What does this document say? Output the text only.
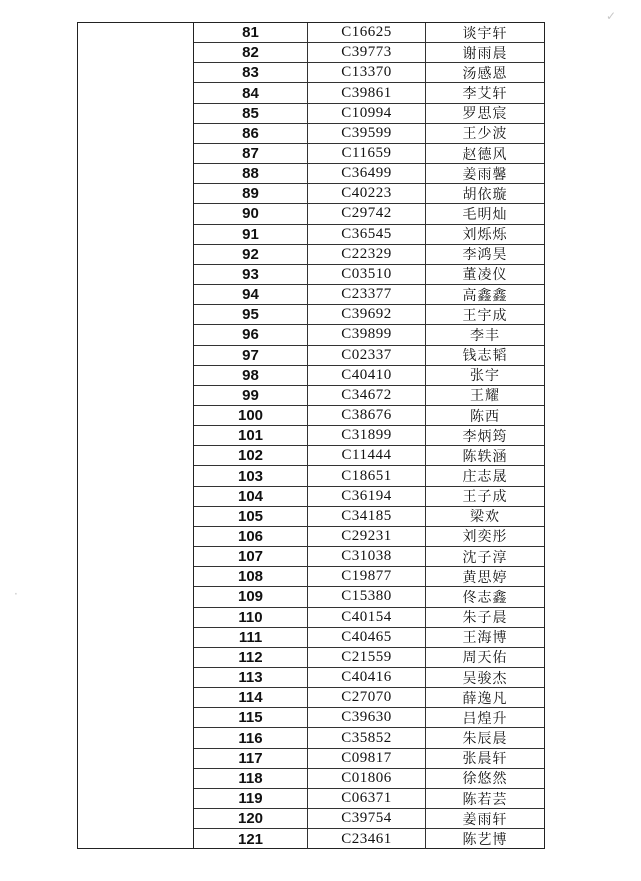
✓
·
81	C16625	谈宇轩
82	C39773	谢雨晨
83	C13370	汤感恩
84	C39861	李艾轩
85	C10994	罗思宸
86	C39599	王少波
87	C11659	赵德风
88	C36499	姜雨馨
89	C40223	胡依璇
90	C29742	毛明灿
91	C36545	刘烁烁
92	C22329	李鸿昊
93	C03510	董凌仪
94	C23377	高鑫鑫
95	C39692	王宇成
96	C39899	李丰
97	C02337	钱志韬
98	C40410	张宇
99	C34672	王耀
100	C38676	陈西
101	C31899	李炳筠
102	C11444	陈轶涵
103	C18651	庄志晟
104	C36194	王子成
105	C34185	梁欢
106	C29231	刘奕彤
107	C31038	沈子淳
108	C19877	黄思婷
109	C15380	佟志鑫
110	C40154	朱子晨
111	C40465	王海博
112	C21559	周天佑
113	C40416	吴骏杰
114	C27070	薛逸凡
115	C39630	吕煌升
116	C35852	朱辰晨
117	C09817	张晨轩
118	C01806	徐悠然
119	C06371	陈若芸
120	C39754	姜雨轩
121	C23461	陈艺博
